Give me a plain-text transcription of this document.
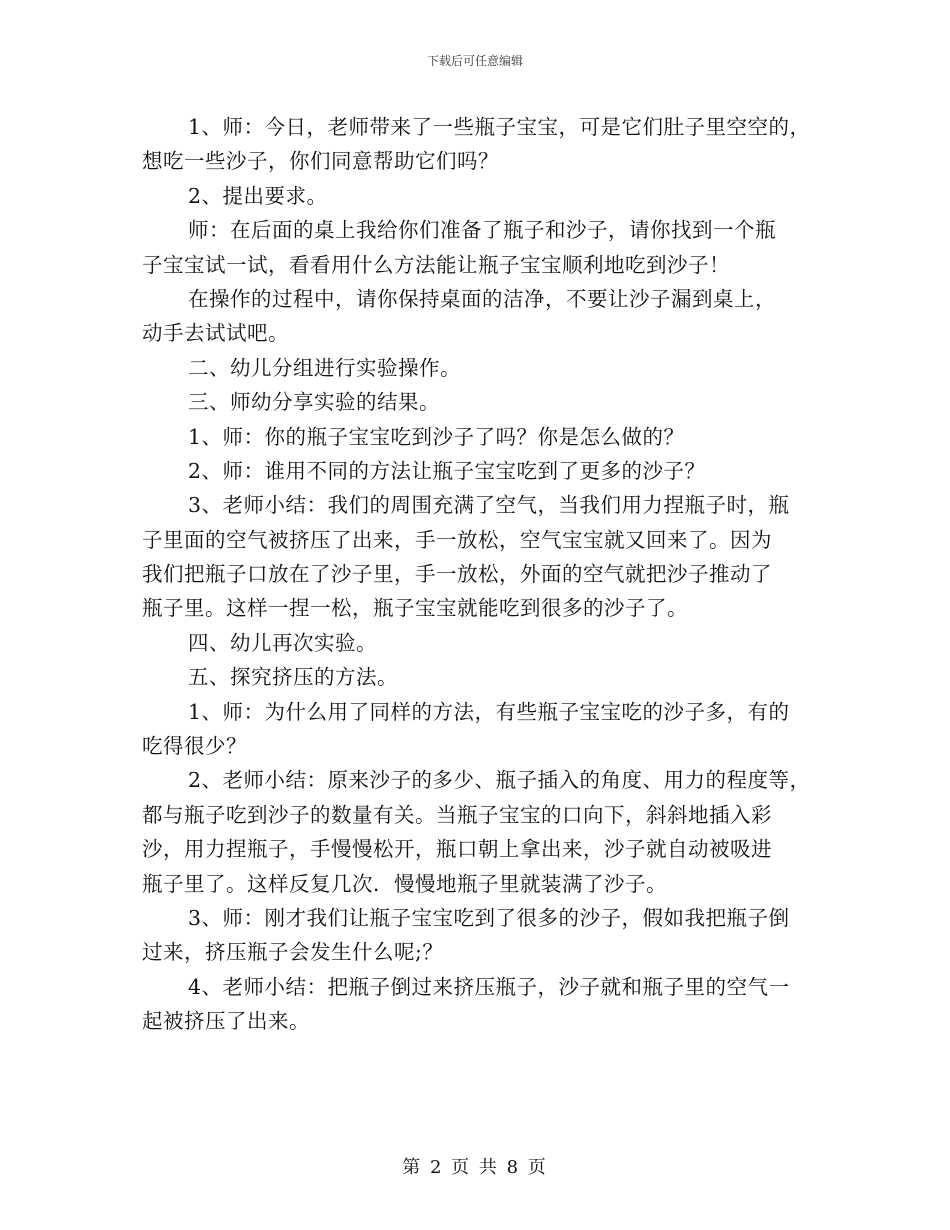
下载后可任意编辑

1、师：今日，老师带来了一些瓶子宝宝，可是它们肚子里空空的，
想吃一些沙子，你们同意帮助它们吗？

2、提出要求。

师：在后面的桌上我给你们准备了瓶子和沙子，请你找到一个瓶
子宝宝试一试，看看用什么方法能让瓶子宝宝顺利地吃到沙子！

在操作的过程中，请你保持桌面的洁净，不要让沙子漏到桌上，
动手去试试吧。

二、幼儿分组进行实验操作。

三、师幼分享实验的结果。

1、师：你的瓶子宝宝吃到沙子了吗？你是怎么做的？

2、师：谁用不同的方法让瓶子宝宝吃到了更多的沙子？

3、老师小结：我们的周围充满了空气，当我们用力捏瓶子时，瓶
子里面的空气被挤压了出来，手一放松，空气宝宝就又回来了。因为
我们把瓶子口放在了沙子里，手一放松，外面的空气就把沙子推动了
瓶子里。这样一捏一松，瓶子宝宝就能吃到很多的沙子了。

四、幼儿再次实验。

五、探究挤压的方法。

1、师：为什么用了同样的方法，有些瓶子宝宝吃的沙子多，有的
吃得很少？

2、老师小结：原来沙子的多少、瓶子插入的角度、用力的程度等，
都与瓶子吃到沙子的数量有关。当瓶子宝宝的口向下，斜斜地插入彩
沙，用力捏瓶子，手慢慢松开，瓶口朝上拿出来，沙子就自动被吸进
瓶子里了。这样反复几次．慢慢地瓶子里就装满了沙子。

3、师：刚才我们让瓶子宝宝吃到了很多的沙子，假如我把瓶子倒
过来，挤压瓶子会发生什么呢;？

4、老师小结：把瓶子倒过来挤压瓶子，沙子就和瓶子里的空气一
起被挤压了出来。

第 2 页 共 8 页
